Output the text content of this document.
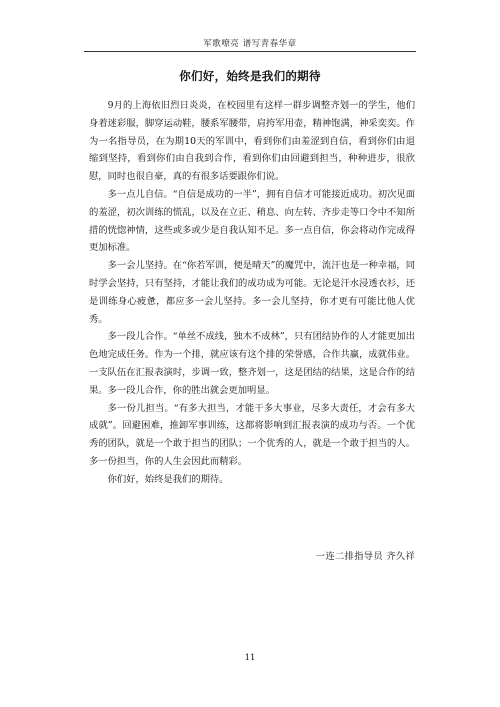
军歌嘹亮 谱写青春华章
你们好，始终是我们的期待

9月的上海依旧烈日炎炎，在校园里有这样一群步调整齐划一的学生，他们身着迷彩服，脚穿运动鞋，腰系军腰带，肩挎军用壶，精神饱满，神采奕奕。作为一名指导员，在为期10天的军训中，看到你们由羞涩到自信，看到你们由退缩到坚持，看到你们由自我到合作，看到你们由回避到担当，种种进步，很欣慰，同时也很自豪，真的有很多话要跟你们说。

多一点儿自信。“自信是成功的一半”，拥有自信才可能接近成功。初次见面的羞涩，初次训练的慌乱，以及在立正、稍息、向左转、齐步走等口令中不知所措的恍惚神情，这些或多或少是自我认知不足。多一点自信，你会将动作完成得更加标准。

多一会儿坚持。在“你若军训，便是晴天”的魔咒中，流汗也是一种幸福，同时学会坚持，只有坚持，才能让我们的成功成为可能。无论是汗水浸透衣衫，还是训练身心疲惫，都应多一会儿坚持。多一会儿坚持，你才更有可能比他人优秀。

多一段儿合作。“单丝不成线，独木不成林”，只有团结协作的人才能更加出色地完成任务。作为一个排，就应该有这个排的荣誉感，合作共赢，成就伟业。一支队伍在汇报表演时，步调一致，整齐划一，这是团结的结果，这是合作的结果。多一段儿合作，你的胜出就会更加明显。

多一份儿担当。“有多大担当，才能干多大事业，尽多大责任，才会有多大成就”。回避困难，推卸军事训练，这都将影响到汇报表演的成功与否。一个优秀的团队，就是一个敢于担当的团队；一个优秀的人，就是一个敢于担当的人。多一份担当，你的人生会因此而精彩。

你们好，始终是我们的期待。

一连二排指导员 齐久祥
11
